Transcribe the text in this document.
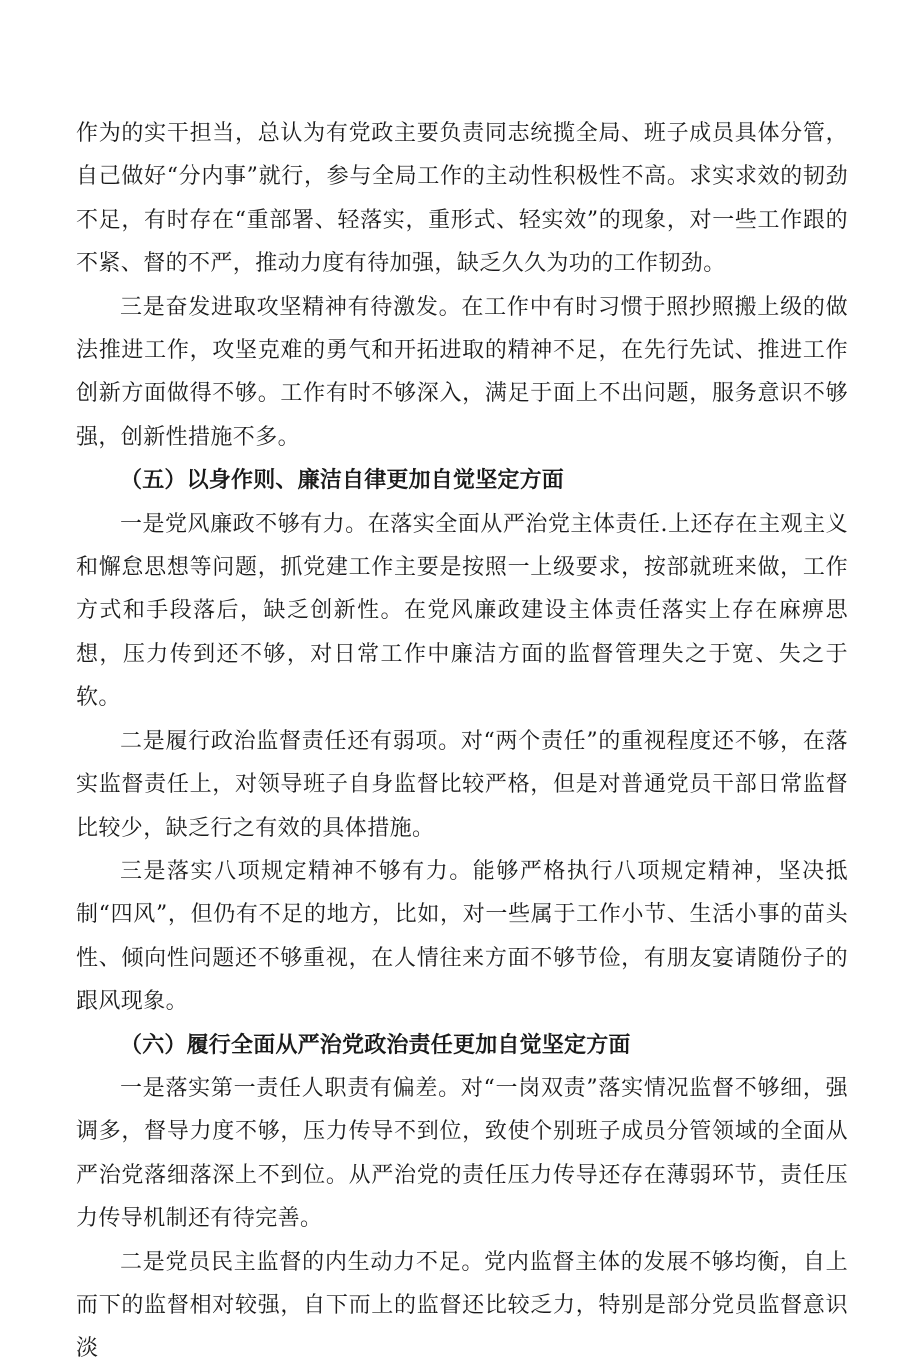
作为的实干担当，总认为有党政主要负责同志统揽全局、班子成员具体分管，自己做好“分内事”就行，参与全局工作的主动性积极性不高。求实求效的韧劲不足，有时存在“重部署、轻落实，重形式、轻实效”的现象，对一些工作跟的不紧、督的不严，推动力度有待加强，缺乏久久为功的工作韧劲。

三是奋发进取攻坚精神有待激发。在工作中有时习惯于照抄照搬上级的做法推进工作，攻坚克难的勇气和开拓进取的精神不足，在先行先试、推进工作创新方面做得不够。工作有时不够深入，满足于面上不出问题，服务意识不够强，创新性措施不多。

（五）以身作则、廉洁自律更加自觉坚定方面

一是党风廉政不够有力。在落实全面从严治党主体责任.上还存在主观主义和懈怠思想等问题，抓党建工作主要是按照一上级要求，按部就班来做，工作方式和手段落后，缺乏创新性。在党风廉政建设主体责任落实上存在麻痹思想，压力传到还不够，对日常工作中廉洁方面的监督管理失之于宽、失之于软。

二是履行政治监督责任还有弱项。对“两个责任”的重视程度还不够，在落实监督责任上，对领导班子自身监督比较严格，但是对普通党员干部日常监督比较少，缺乏行之有效的具体措施。

三是落实八项规定精神不够有力。能够严格执行八项规定精神，坚决抵制“四风”，但仍有不足的地方，比如，对一些属于工作小节、生活小事的苗头性、倾向性问题还不够重视，在人情往来方面不够节俭，有朋友宴请随份子的跟风现象。

（六）履行全面从严治党政治责任更加自觉坚定方面

一是落实第一责任人职责有偏差。对“一岗双责”落实情况监督不够细，强调多，督导力度不够，压力传导不到位，致使个别班子成员分管领域的全面从严治党落细落深上不到位。从严治党的责任压力传导还存在薄弱环节，责任压力传导机制还有待完善。

二是党员民主监督的内生动力不足。党内监督主体的发展不够均衡，自上而下的监督相对较强，自下而上的监督还比较乏力，特别是部分党员监督意识淡
